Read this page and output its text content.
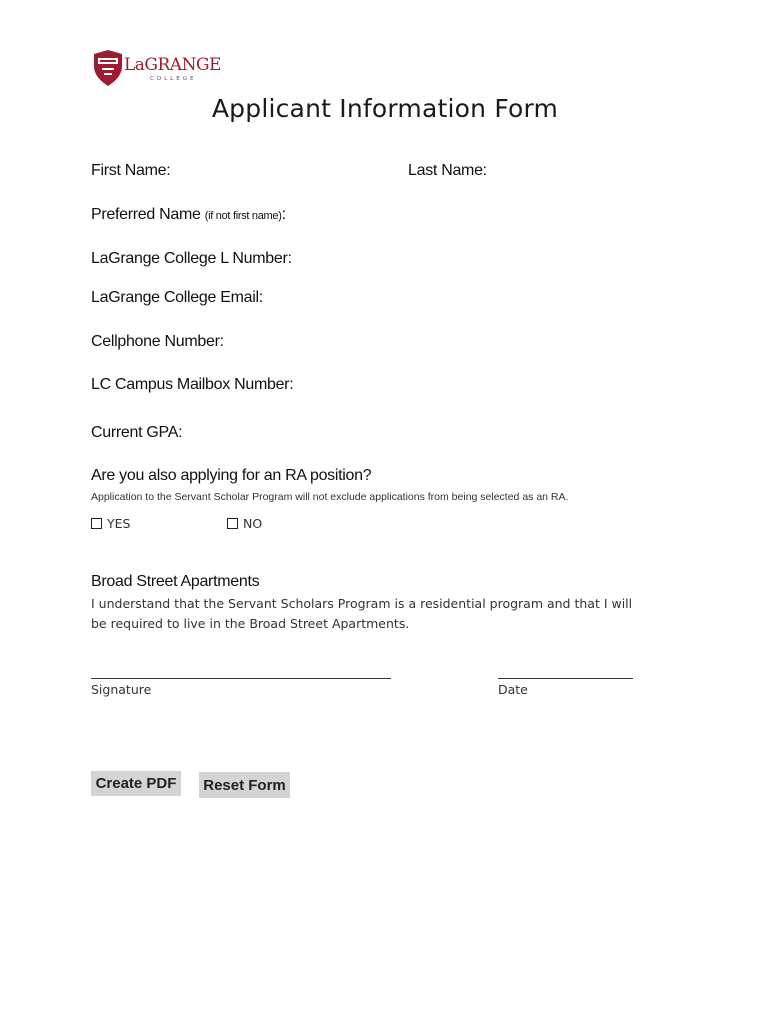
LaGRANGE
COLLEGE
Applicant Information Form
First Name:	Last Name:
Preferred Name (if not first name):
LaGrange College L Number:
LaGrange College Email:
Cellphone Number:
LC Campus Mailbox Number:
Current GPA:
Are you also applying for an RA position?
Application to the Servant Scholar Program will not exclude applications from being selected as an RA.
YES	NO
Broad Street Apartments
I understand that the Servant Scholars Program is a residential program and that I will be required to live in the Broad Street Apartments.
Signature	Date
Create PDF	Reset Form
